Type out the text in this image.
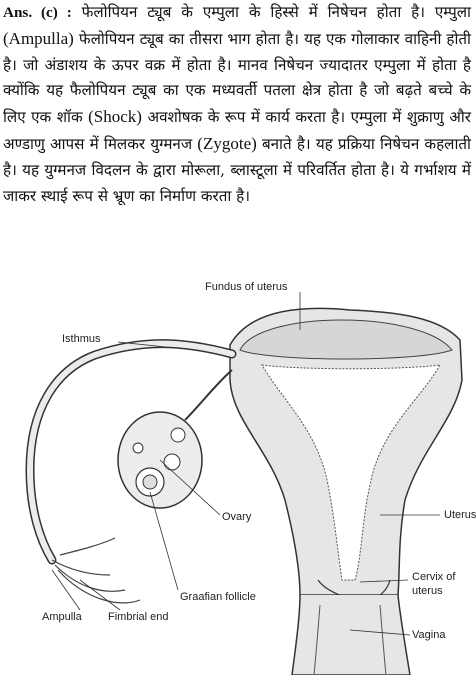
Ans. (c) : फेलोपियन ट्यूब के एम्पुला के हिस्से में निषेचन होता है। एम्पुला (Ampulla) फेलोपियन ट्यूब का तीसरा भाग होता है। यह एक गोलाकार वाहिनी होती है। जो अंडाशय के ऊपर वक्र में होता है। मानव निषेचन ज्यादातर एम्पुला में होता है क्योंकि यह फैलोपियन ट्यूब का एक मध्यवर्ती पतला क्षेत्र होता है जो बढ़ते बच्चे के लिए एक शॉक (Shock) अवशोषक के रूप में कार्य करता है। एम्पुला में शुक्राणु और अण्डाणु आपस में मिलकर युग्मनज (Zygote) बनाते है। यह प्रक्रिया निषेचन कहलाती है। यह युग्मनज विदलन के द्वारा मोरूला, ब्लास्टूला में परिवर्तित होता है। ये गर्भाशय में जाकर स्थाई रूप से भ्रूण का निर्माण करता है।
Fundus of uterus
Isthmus
Ovary	Uterus
Cervix of
uterus
Graafian follicle
Ampulla Fimbrial end
Vagina
